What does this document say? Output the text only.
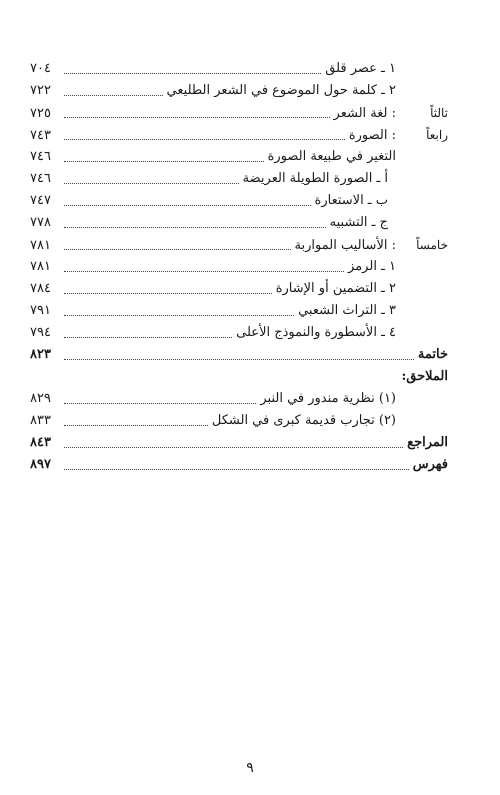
١ ـ عصر قلق
٧٠٤
٢ ـ كلمة حول الموضوع في الشعر الطليعي
٧٢٢
ثالثاً
: لغة الشعر
٧٢٥
رابعاً
: الصورة
٧٤٣
التغير في طبيعة الصورة
٧٤٦
أ ـ الصورة الطويلة العريضة
٧٤٦
ب ـ الاستعارة
٧٤٧
ج ـ التشبيه
٧٧٨
خامساً
: الأساليب المواربة
٧٨١
١ ـ الرمز
٧٨١
٢ ـ التضمين أو الإشارة
٧٨٤
٣ ـ التراث الشعبي
٧٩١
٤ ـ الأسطورة والنموذج الأعلى
٧٩٤
خاتمة
٨٢٣
الملاحق:
(١) نظرية مندور في النبر
٨٢٩
(٢) تجارب قديمة كبرى في الشكل
٨٣٣
المراجع
٨٤٣
فهرس
٨٩٧
٩
